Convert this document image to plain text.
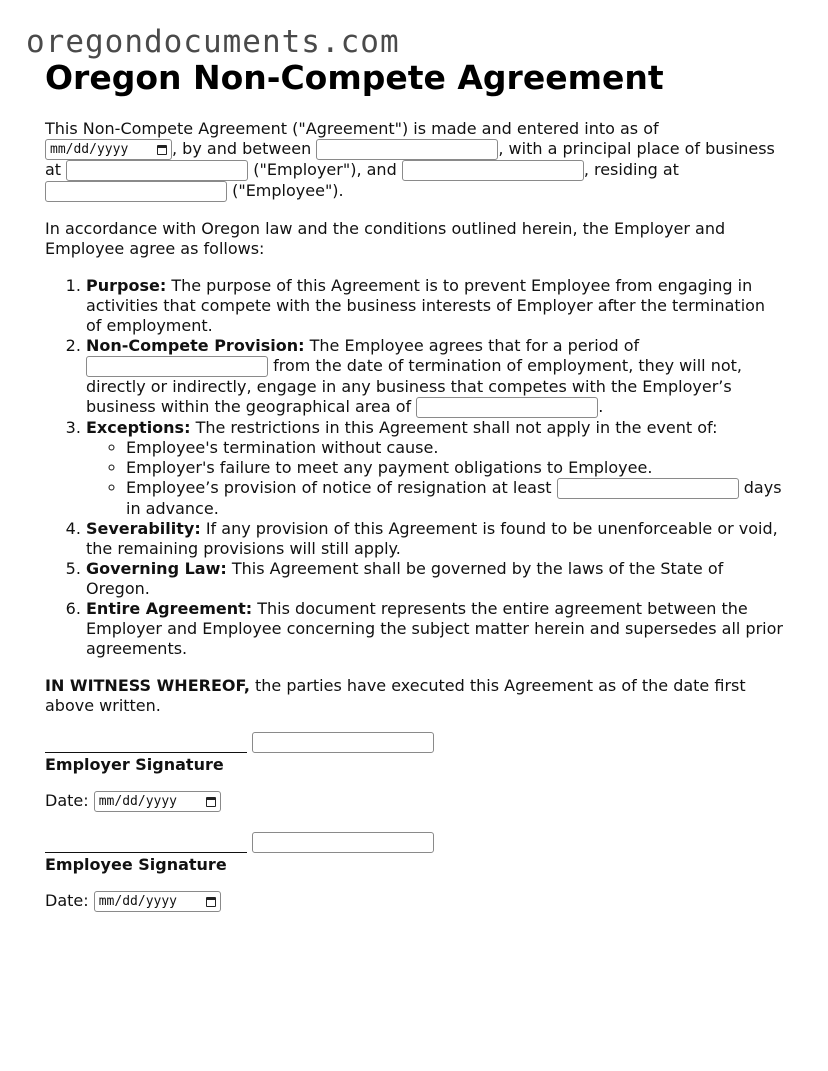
oregondocuments.com
Oregon Non-Compete Agreement

This Non-Compete Agreement ("Agreement") is made and entered into as of

mm/dd/yyyy	, by and between	, with a principal place of business at	("Employer"), and	, residing at
("Employee").

In accordance with Oregon law and the conditions outlined herein, the Employer and Employee agree as follows:

1. Purpose: The purpose of this Agreement is to prevent Employee from engaging in activities that compete with the business interests of Employer after the termination of employment.
2. Non-Compete Provision: The Employee agrees that for a period of
from the date of termination of employment, they will not, directly or indirectly, engage in any business that competes with the Employer’s business within the geographical area of	.
3. Exceptions: The restrictions in this Agreement shall not apply in the event of:
◦ Employee's termination without cause.
◦ Employer's failure to meet any payment obligations to Employee.
◦ Employee’s provision of notice of resignation at least	days in advance.
4. Severability: If any provision of this Agreement is found to be unenforceable or void, the remaining provisions will still apply.
5. Governing Law: This Agreement shall be governed by the laws of the State of Oregon.
6. Entire Agreement: This document represents the entire agreement between the Employer and Employee concerning the subject matter herein and supersedes all prior agreements.

IN WITNESS WHEREOF, the parties have executed this Agreement as of the date first above written.

Employer Signature
Date: mm/dd/yyyy
Employee Signature
Date: mm/dd/yyyy
